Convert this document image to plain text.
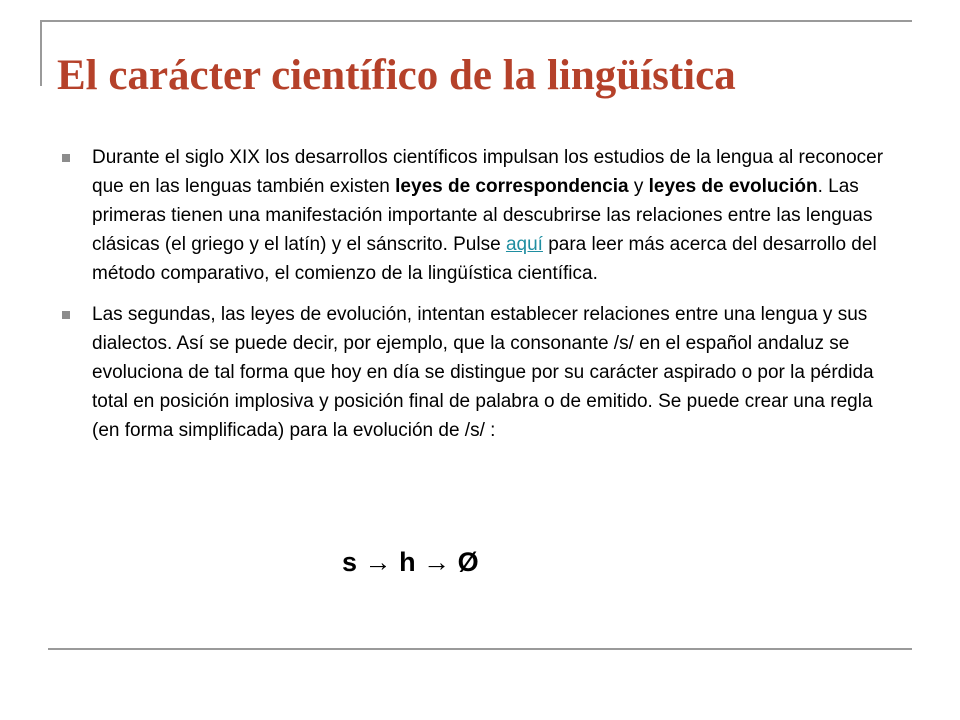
El carácter científico de la lingüística
Durante el siglo XIX los desarrollos científicos impulsan los estudios de la lengua al reconocer que en las lenguas también existen leyes de correspondencia y leyes de evolución. Las primeras tienen una manifestación importante al descubrirse las relaciones entre las lenguas clásicas (el griego y el latín) y el sánscrito. Pulse aquí para leer más acerca del desarrollo del método comparativo, el comienzo de la lingüística científica.
Las segundas, las leyes de evolución, intentan establecer relaciones entre una lengua y sus dialectos. Así se puede decir, por ejemplo, que la consonante /s/ en el español andaluz se evoluciona de tal forma que hoy en día se distingue por su carácter aspirado o por la pérdida total en posición implosiva y posición final de palabra o de emitido. Se puede crear una regla (en forma simplificada) para la evolución de /s/ :
s → h → Ø
